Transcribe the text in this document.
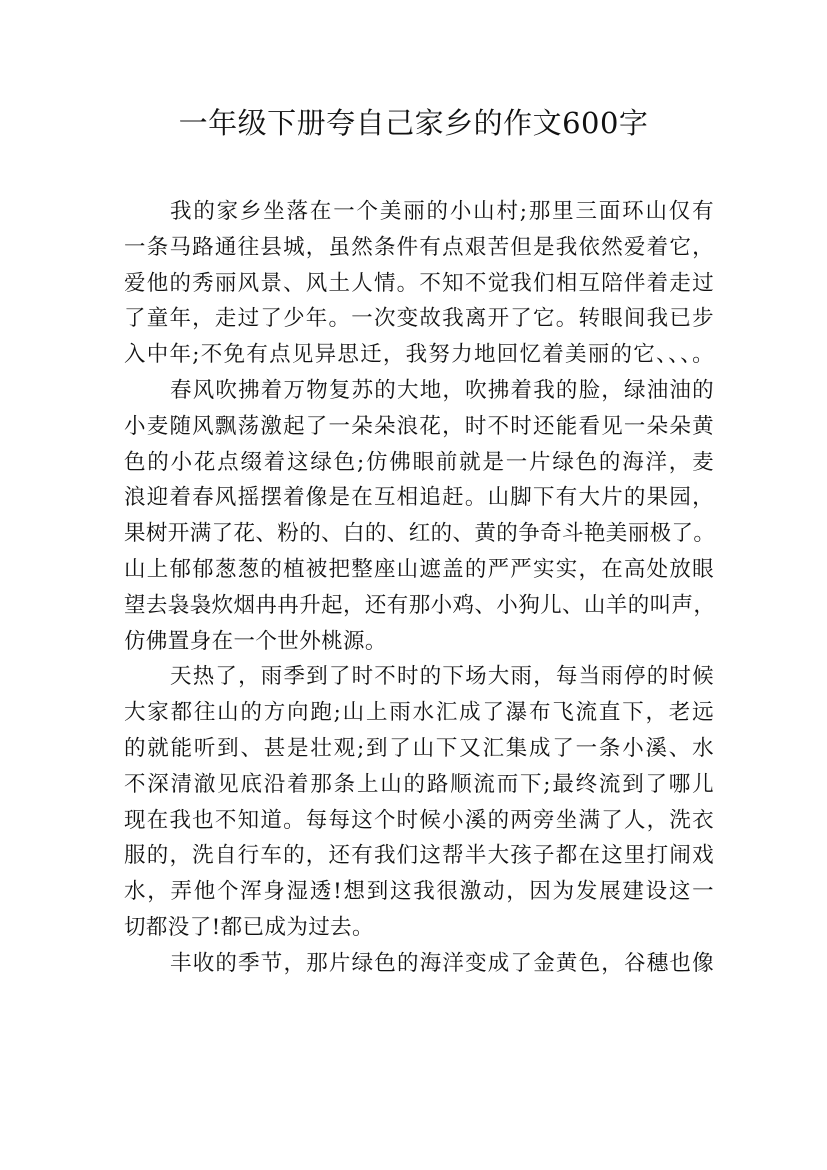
一年级下册夸自己家乡的作文600字

我的家乡坐落在一个美丽的小山村;那里三面环山仅有
一条马路通往县城，虽然条件有点艰苦但是我依然爱着它，
爱他的秀丽风景、风土人情。不知不觉我们相互陪伴着走过
了童年，走过了少年。一次变故我离开了它。转眼间我已步
入中年;不免有点见异思迁，我努力地回忆着美丽的它、、、。

春风吹拂着万物复苏的大地，吹拂着我的脸，绿油油的
小麦随风飘荡激起了一朵朵浪花，时不时还能看见一朵朵黄
色的小花点缀着这绿色;仿佛眼前就是一片绿色的海洋，麦
浪迎着春风摇摆着像是在互相追赶。山脚下有大片的果园，
果树开满了花、粉的、白的、红的、黄的争奇斗艳美丽极了。
山上郁郁葱葱的植被把整座山遮盖的严严实实，在高处放眼
望去袅袅炊烟冉冉升起，还有那小鸡、小狗儿、山羊的叫声，
仿佛置身在一个世外桃源。

天热了，雨季到了时不时的下场大雨，每当雨停的时候
大家都往山的方向跑;山上雨水汇成了瀑布飞流直下，老远
的就能听到、甚是壮观;到了山下又汇集成了一条小溪、水
不深清澈见底沿着那条上山的路顺流而下;最终流到了哪儿
现在我也不知道。每每这个时候小溪的两旁坐满了人，洗衣
服的，洗自行车的，还有我们这帮半大孩子都在这里打闹戏
水，弄他个浑身湿透!想到这我很激动，因为发展建设这一
切都没了!都已成为过去。

丰收的季节，那片绿色的海洋变成了金黄色，谷穗也像
